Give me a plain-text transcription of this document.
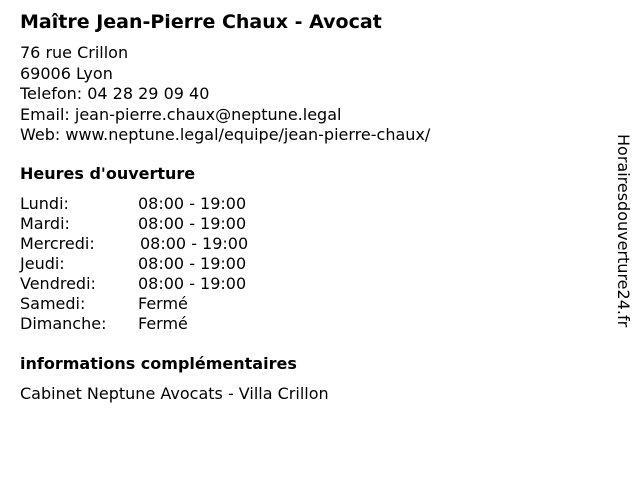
Maître Jean-Pierre Chaux - Avocat
76 rue Crillon
69006 Lyon
Telefon: 04 28 29 09 40
Email: jean-pierre.chaux@neptune.legal
Web: www.neptune.legal/equipe/jean-pierre-chaux/
Heures d'ouverture
Lundi:	08:00 - 19:00
Mardi:	08:00 - 19:00
Mercredi:	08:00 - 19:00
Jeudi:	08:00 - 19:00
Vendredi:	08:00 - 19:00
Samedi:	Fermé
Dimanche: Fermé
informations complémentaires
Cabinet Neptune Avocats - Villa Crillon
Horairesdouverture24.fr
